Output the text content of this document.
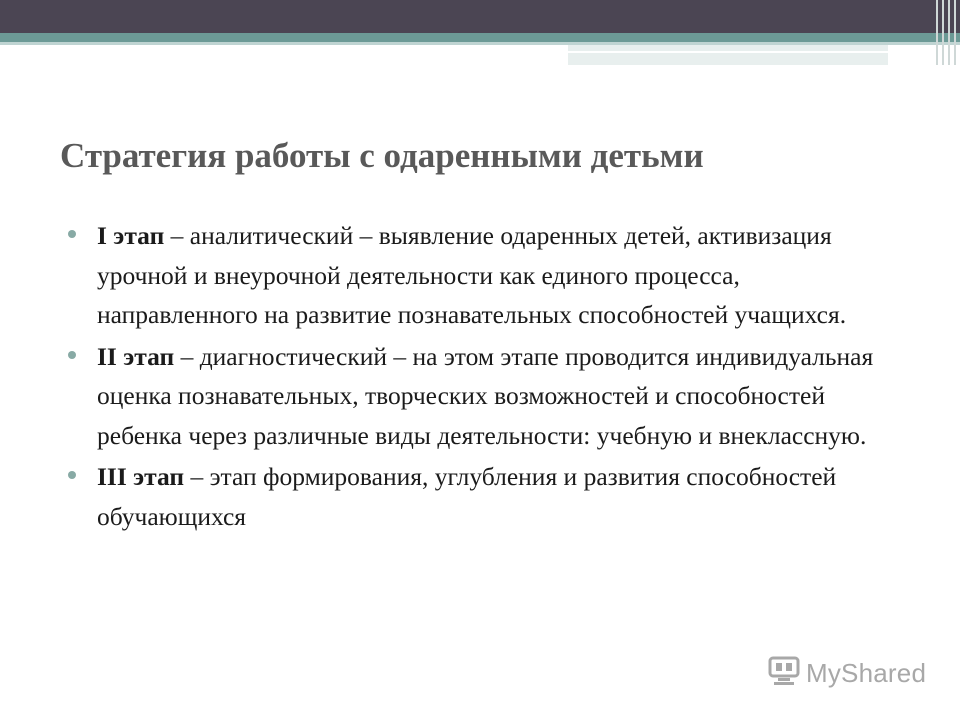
Стратегия работы с одаренными детьми
I этап – аналитический – выявление одаренных детей, активизация урочной и внеурочной деятельности как единого процесса, направленного на развитие познавательных способностей учащихся.
II этап – диагностический – на этом этапе проводится индивидуальная оценка познавательных, творческих возможностей и способностей ребенка через различные виды деятельности: учебную и внеклассную.
III этап – этап формирования, углубления и развития способностей обучающихся
MyShared
